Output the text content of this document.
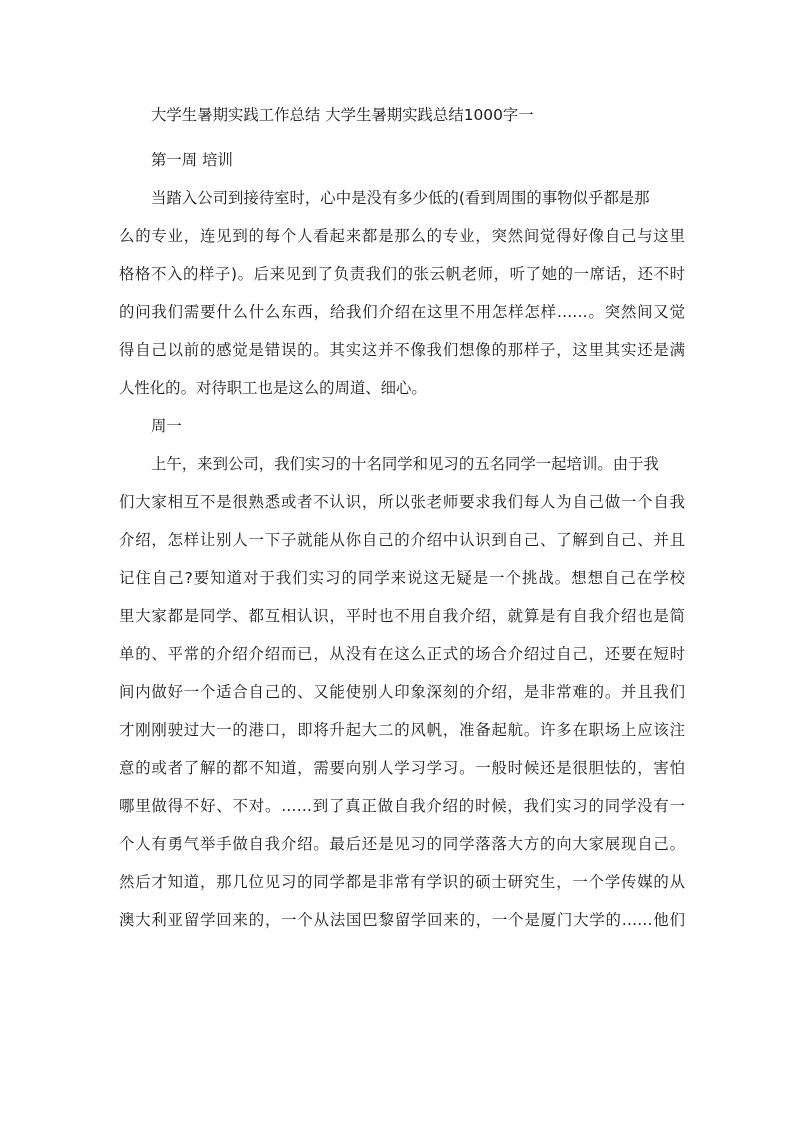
大学生暑期实践工作总结 大学生暑期实践总结1000字一
第一周 培训
当踏入公司到接待室时，心中是没有多少低的(看到周围的事物似乎都是那
么的专业，连见到的每个人看起来都是那么的专业，突然间觉得好像自己与这里
格格不入的样子)。后来见到了负责我们的张云帆老师，听了她的一席话，还不时
的问我们需要什么什么东西，给我们介绍在这里不用怎样怎样……。突然间又觉
得自己以前的感觉是错误的。其实这并不像我们想像的那样子，这里其实还是满
人性化的。对待职工也是这么的周道、细心。
周一
上午，来到公司，我们实习的十名同学和见习的五名同学一起培训。由于我
们大家相互不是很熟悉或者不认识，所以张老师要求我们每人为自己做一个自我
介绍，怎样让别人一下子就能从你自己的介绍中认识到自己、了解到自己、并且
记住自己?要知道对于我们实习的同学来说这无疑是一个挑战。想想自己在学校
里大家都是同学、都互相认识，平时也不用自我介绍，就算是有自我介绍也是简
单的、平常的介绍介绍而已，从没有在这么正式的场合介绍过自己，还要在短时
间内做好一个适合自己的、又能使别人印象深刻的介绍，是非常难的。并且我们
才刚刚驶过大一的港口，即将升起大二的风帆，准备起航。许多在职场上应该注
意的或者了解的都不知道，需要向别人学习学习。一般时候还是很胆怯的，害怕
哪里做得不好、不对。……到了真正做自我介绍的时候，我们实习的同学没有一
个人有勇气举手做自我介绍。最后还是见习的同学落落大方的向大家展现自己。
然后才知道，那几位见习的同学都是非常有学识的硕士研究生，一个学传媒的从
澳大利亚留学回来的，一个从法国巴黎留学回来的，一个是厦门大学的……他们
